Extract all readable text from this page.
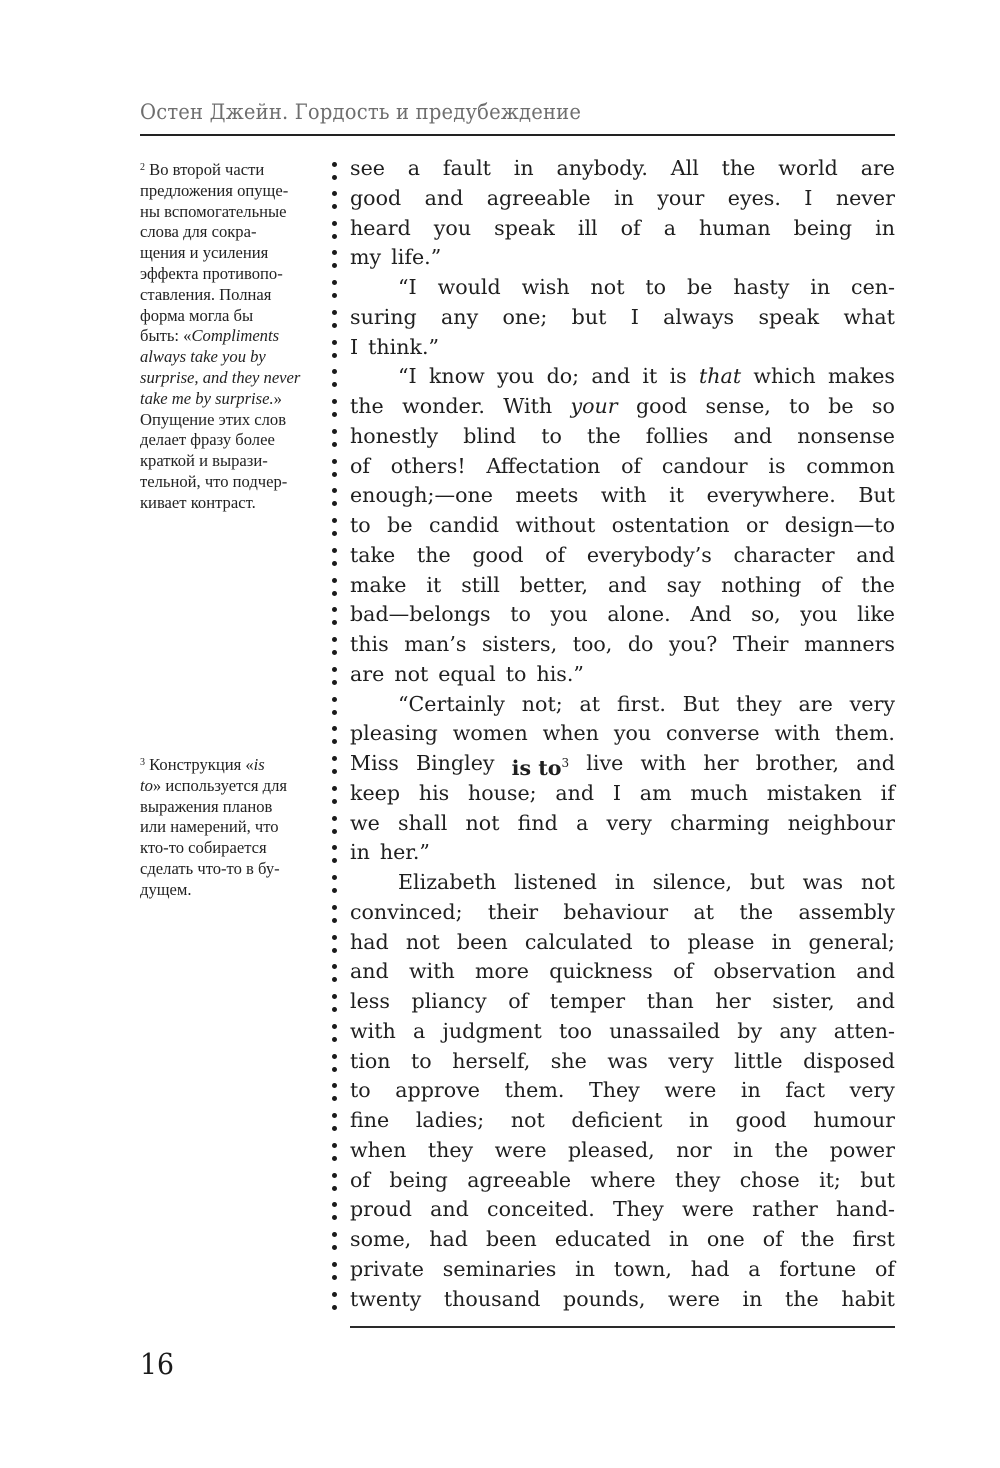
Остен Джейн. Гордость и предубеждение

$^2$ Во второй части

предложения опуще-

ны вспомогательные

слова для сокра-

щения и усиления

эффекта противопо-

ставления. Полная

форма могла бы

быть: «Compliments

always take you by

surprise, and they never

take me by surprise.»

Опущение этих слов

делает фразу более

краткой и вырази-

тельной, что подчер-

кивает контраст.

$^3$ Конструкция «is

to» используется для

выражения планов

или намерений, что

кто-то собирается

сделать что-то в бу-

дущем.

see a fault in anybody. All the world are
good and agreeable in your eyes. I never
heard you speak ill of a human being in
my life.”
“I would wish not to be hasty in cen-
suring any one; but I always speak what
I think.”
“I know you do; and it is that which makes
the wonder. With your good sense, to be so
honestly blind to the follies and nonsense
of others! Affectation of candour is common
enough;—one meets with it everywhere. But
to be candid without ostentation or design—to
take the good of everybody’s character and
make it still better, and say nothing of the
bad—belongs to you alone. And so, you like
this man’s sisters, too, do you? Their manners
are not equal to his.”
“Certainly not; at first. But they are very
pleasing women when you converse with them.
Miss Bingley is $to^3$ live with her brother, and
keep his house; and I am much mistaken if
we shall not find a very charming neighbour
in her.”
Elizabeth listened in silence, but was not
convinced; their behaviour at the assembly
had not been calculated to please in general;
and with more quickness of observation and
less pliancy of temper than her sister, and
with a judgment too unassailed by any atten-
tion to herself, she was very little disposed
to approve them. They were in fact very
fine ladies; not deficient in good humour
when they were pleased, nor in the power
of being agreeable where they chose it; but
proud and conceited. They were rather hand-
some, had been educated in one of the first
private seminaries in town, had a fortune of
twenty thousand pounds, were in the habit
16
